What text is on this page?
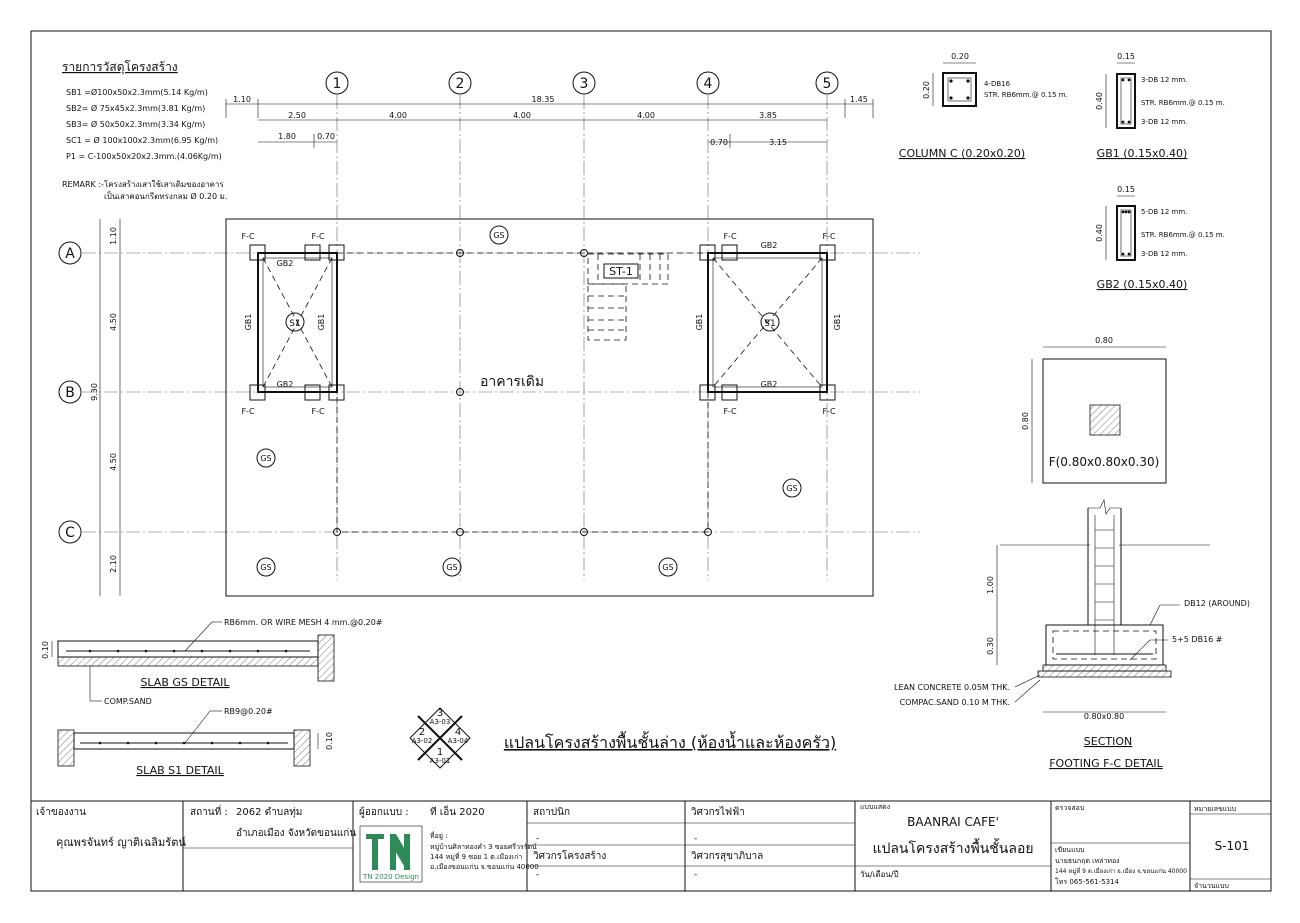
รายการวัสดุโครงสร้าง
SB1 =Ø100x50x2.3mm(5.14 Kg/m)
SB2= Ø 75x45x2.3mm(3.81 Kg/m)
SB3= Ø 50x50x2.3mm(3.34 Kg/m)
SC1 = Ø 100x100x2.3mm(6.95 Kg/m)
P1 = C-100x50x20x2.3mm.(4.06Kg/m)
REMARK :- โครงสร้างเสาใช้เสาเดิมของอาคาร
เป็นเสาคอนกรีตทรงกลม Ø 0.20 ม.
1	2	3	4	5
A
B
C
1.10	18.35	1.45
2.50	4.00	4.00	4.00	3.85
1.80	0.70
0.70	3.15
1.10
4.50
9.30
4.50
2.10
อาคารเดิม
ST-1
F-C	F-C
F-C	F-C
GB2
GB2
GB1	GB1
S1
F-C	F-C
F-C	F-C
GB2
GB2
GB1	GB1
S1
GS
GS
GS
GS	GS	GS
แปลนโครงสร้างพื้นชั้นล่าง (ห้องน้ำและห้องครัว)
3
A3-03
2
A3-02
4
A3-04
1
A3-01
RB6mm. OR WIRE MESH 4 mm.@0.20#
0.10
COMP.SAND
SLAB GS DETAIL
RB9@0.20#
0.10
SLAB S1 DETAIL
0.20
0.20	4-DB16
STR. RB6mm.@ 0.15 m.
COLUMN C (0.20x0.20)
0.15
0.40
3-DB 12 mm.
STR. RB6mm.@ 0.15 m.
3-DB 12 mm.
GB1 (0.15x0.40)
0.15
0.40
5-DB 12 mm.
STR. RB6mm.@ 0.15 m.
3-DB 12 mm.
GB2 (0.15x0.40)
0.80
0.80
F(0.80x0.80x0.30)
1.00
0.30
DB12 (AROUND)
5+5 DB16 #
LEAN CONCRETE 0.05M THK.
COMPAC.SAND 0.10 M THK.
0.80x0.80
SECTION
FOOTING F-C DETAIL
เจ้าของงาน
คุณพรจันทร์ ญาติเฉลิมรัตน์
สถานที่ : 2062 ตำบลทุ่ม
อำเภอเมือง จังหวัดขอนแก่น
ผู้ออกแบบ : ที เอ็น 2020
TN 2020 Design
ที่อยู่ :
หมู่บ้านศิลาทองคำ 3 ซอยศรีวรรัตน์
144 หมู่ที่ 9 ซอย 1 ต.เมืองเก่า
อ.เมืองขอนแก่น จ.ขอนแก่น 40000
สถาปนิก
-
วิศวกรโครงสร้าง
-
วิศวกรไฟฟ้า
-
วิศวกรสุขาภิบาล
-
แบบแสดง
BAANRAI CAFE'
แปลนโครงสร้างพื้นชั้นลอย
วัน/เดือน/ปี
ตรวจสอบ
เขียนแบบ
นายธนกฤต เหล่าทอง
144 หมู่ที่ 9 ต.เมืองเก่า อ.เมือง จ.ขอนแก่น 40000
โทร 065-561-5314
หมายเลขแบบ
S-101
จำนวนแบบ
